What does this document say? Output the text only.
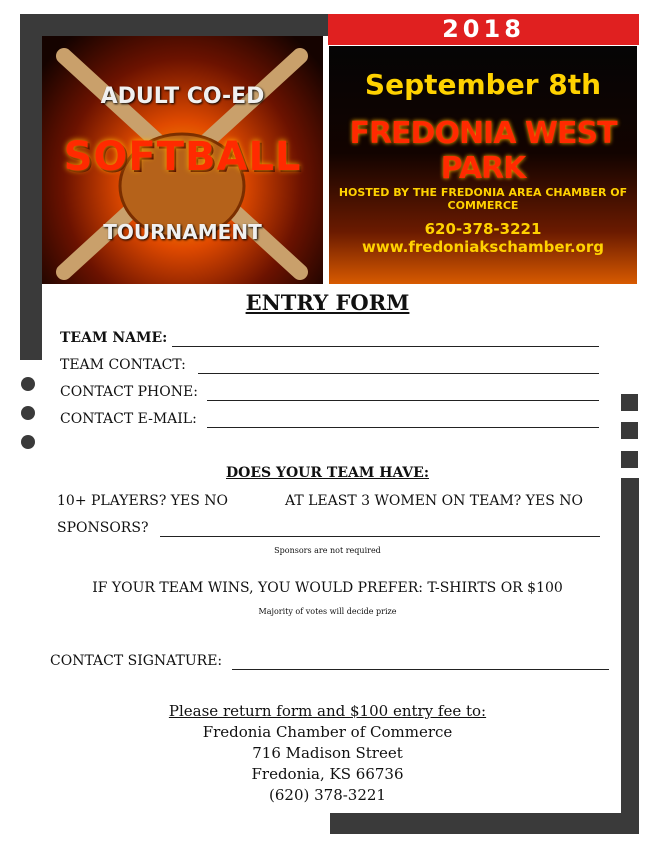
2018
ADULT CO-ED
SOFTBALL
TOURNAMENT
September 8th
FREDONIA WEST PARK
HOSTED BY THE FREDONIA AREA CHAMBER OF COMMERCE
620-378-3221 www.fredoniakschamber.org
ENTRY FORM
TEAM NAME:
TEAM CONTACT:
CONTACT PHONE:
CONTACT E-MAIL:
DOES YOUR TEAM HAVE:
10+ PLAYERS? YES NO	AT LEAST 3 WOMEN ON TEAM? YES NO
SPONSORS?
Sponsors are not required
IF YOUR TEAM WINS, YOU WOULD PREFER: T-SHIRTS OR $100
Majority of votes will decide prize
CONTACT SIGNATURE:
Please return form and $100 entry fee to:
Fredonia Chamber of Commerce
716 Madison Street
Fredonia, KS 66736
(620) 378-3221
